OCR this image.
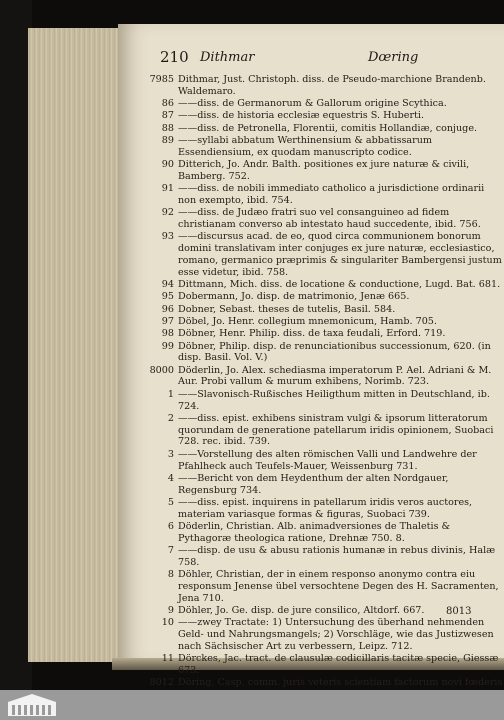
210 Dithmar	Dœring
7985 Dithmar, Just. Christoph. diss. de Pseudo-marchione Brandenb. Waldemaro.
86 ——diss. de Germanorum & Gallorum origine Scythica.
87 ——diss. de historia ecclesiæ equestris S. Huberti.
88 ——diss. de Petronella, Florentii, comitis Hollandiæ, conjuge.
89 ——syllabi abbatum Werthinensium & abbatissarum Essendiensium, ex quodam manuscripto codice.
90 Ditterich, Jo. Andr. Balth. positiones ex jure naturæ & civili, Bamberg. 752.
91 ——diss. de nobili immediato catholico a jurisdictione ordinarii non exempto, ibid. 754.
92 ——diss. de Judæo fratri suo vel consanguineo ad fidem christianam converso ab intestato haud succedente, ibid. 756.
93 ——discursus acad. de eo, quod circa communionem bonorum domini translativam inter conjuges ex jure naturæ, ecclesiastico, romano, germanico præprimis & singulariter Bambergensi justum esse videtur, ibid. 758.
94 Dittmann, Mich. diss. de locatione & conductione, Lugd. Bat. 681.
95 Dobermann, Jo. disp. de matrimonio, Jenæ 665.
96 Dobner, Sebast. theses de tutelis, Basil. 584.
97 Döbel, Jo. Henr. collegium mnemonicum, Hamb. 705.
98 Döbner, Henr. Philip. diss. de taxa feudali, Erford. 719.
99 Döbner, Philip. disp. de renunciationibus successionum, 620. (in disp. Basil. Vol. V.)
8000 Döderlin, Jo. Alex. schediasma imperatorum P. Ael. Adriani & M. Aur. Probi vallum & murum exhibens, Norimb. 723.
1 ——Slavonisch-Rußisches Heiligthum mitten in Deutschland, ib. 724.
2 ——diss. epist. exhibens sinistram vulgi & ipsorum litteratorum quorundam de generatione patellarum iridis opinionem, Suobaci 728. rec. ibid. 739.
3 ——Vorstellung des alten römischen Valli und Landwehre der Pfahlheck auch Teufels-Mauer, Weissenburg 731.
4 ——Bericht von dem Heydenthum der alten Nordgauer, Regensburg 734.
5 ——diss. epist. inquirens in patellarum iridis veros auctores, materiam variasque formas & figuras, Suobaci 739.
6 Döderlin, Christian. Alb. animadversiones de Thaletis & Pythagoræ theologica ratione, Drehnæ 750. 8.
7 ——disp. de usu & abusu rationis humanæ in rebus divinis, Halæ 758.
8 Döhler, Christian, der in einem responso anonymo contra eiu responsum Jenense übel versochtene Degen des H. Sacramenten, Jena 710.
9 Döhler, Jo. Ge. disp. de jure consilico, Altdorf. 667.
10 ——zwey Tractate: 1) Untersuchung des überhand nehmenden Geld- und Nahrungsmangels; 2) Vorschläge, wie das Justizwesen nach Sächsischer Art zu verbessern, Leipz. 712.
11 Dörckes, Jac. tract. de clausulæ codicillaris tacitæ specie, Giessæ 673.
8012 Döring, Casp. comm. juris veteris scientiam factorum novi fœderis
8013
